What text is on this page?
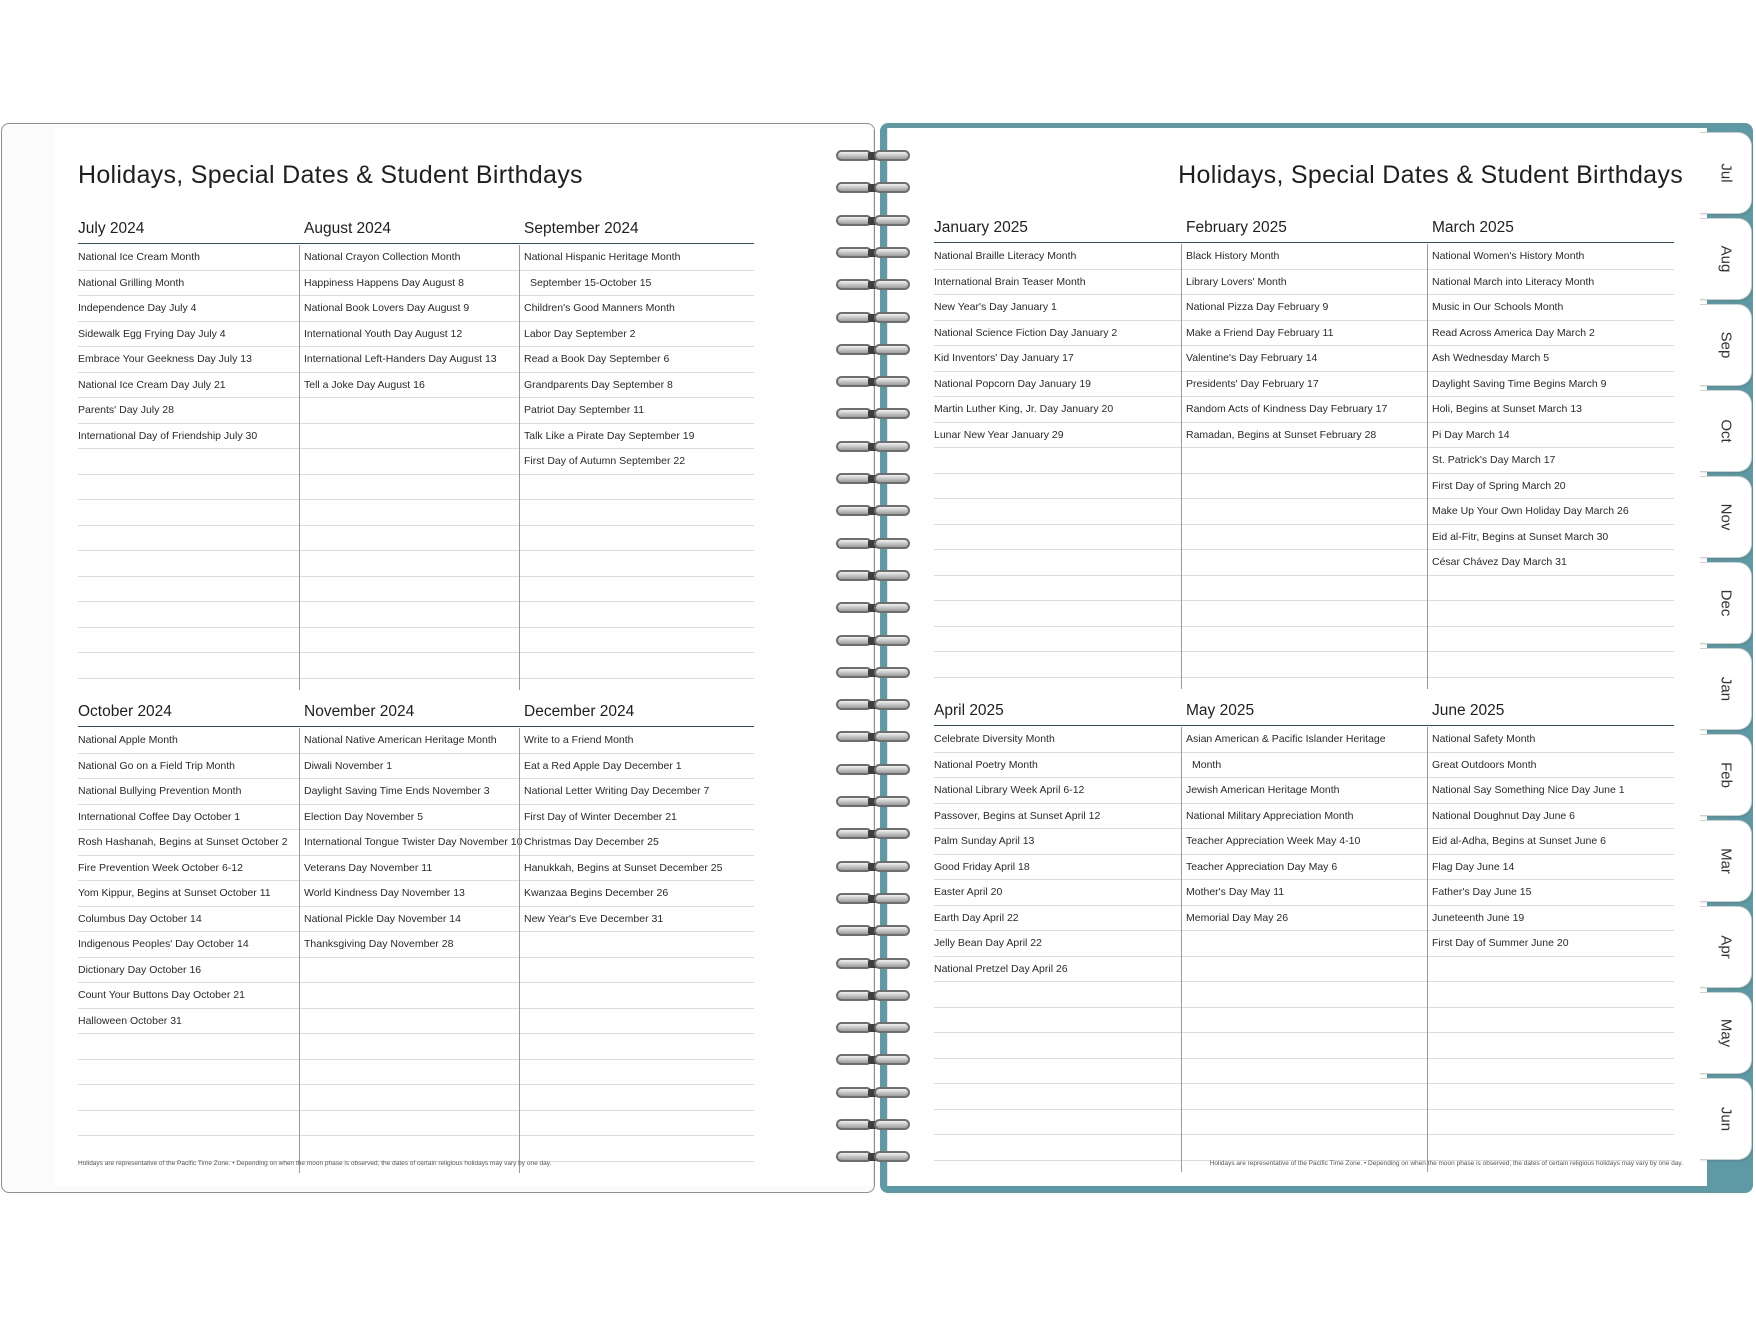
Holidays, Special Dates & Student Birthdays
July 2024
National Ice Cream Month
National Grilling Month
Independence Day July 4
Sidewalk Egg Frying Day July 4
Embrace Your Geekness Day July 13
National Ice Cream Day July 21
Parents' Day July 28
International Day of Friendship July 30
August 2024
National Crayon Collection Month
Happiness Happens Day August 8
National Book Lovers Day August 9
International Youth Day August 12
International Left-Handers Day August 13
Tell a Joke Day August 16
September 2024
National Hispanic Heritage Month
September 15-October 15
Children's Good Manners Month
Labor Day September 2
Read a Book Day September 6
Grandparents Day September 8
Patriot Day September 11
Talk Like a Pirate Day September 19
First Day of Autumn September 22
October 2024
National Apple Month
National Go on a Field Trip Month
National Bullying Prevention Month
International Coffee Day October 1
Rosh Hashanah, Begins at Sunset October 2
Fire Prevention Week October 6-12
Yom Kippur, Begins at Sunset October 11
Columbus Day October 14
Indigenous Peoples' Day October 14
Dictionary Day October 16
Count Your Buttons Day October 21
Halloween October 31
November 2024
National Native American Heritage Month
Diwali November 1
Daylight Saving Time Ends November 3
Election Day November 5
International Tongue Twister Day November 10
Veterans Day November 11
World Kindness Day November 13
National Pickle Day November 14
Thanksgiving Day November 28
December 2024
Write to a Friend Month
Eat a Red Apple Day December 1
National Letter Writing Day December 7
First Day of Winter December 21
Christmas Day December 25
Hanukkah, Begins at Sunset December 25
Kwanzaa Begins December 26
New Year's Eve December 31
Holidays are representative of the Pacific Time Zone. • Depending on when the moon phase is observed, the dates of certain religious holidays may vary by one day.
Holidays, Special Dates & Student Birthdays
January 2025
National Braille Literacy Month
International Brain Teaser Month
New Year's Day January 1
National Science Fiction Day January 2
Kid Inventors' Day January 17
National Popcorn Day January 19
Martin Luther King, Jr. Day January 20
Lunar New Year January 29
February 2025
Black History Month
Library Lovers' Month
National Pizza Day February 9
Make a Friend Day February 11
Valentine's Day February 14
Presidents' Day February 17
Random Acts of Kindness Day February 17
Ramadan, Begins at Sunset February 28
March 2025
National Women's History Month
National March into Literacy Month
Music in Our Schools Month
Read Across America Day March 2
Ash Wednesday March 5
Daylight Saving Time Begins March 9
Holi, Begins at Sunset March 13
Pi Day March 14
St. Patrick's Day March 17
First Day of Spring March 20
Make Up Your Own Holiday Day March 26
Eid al-Fitr, Begins at Sunset March 30
César Chávez Day March 31
April 2025
Celebrate Diversity Month
National Poetry Month
National Library Week April 6-12
Passover, Begins at Sunset April 12
Palm Sunday April 13
Good Friday April 18
Easter April 20
Earth Day April 22
Jelly Bean Day April 22
National Pretzel Day April 26
May 2025
Asian American & Pacific Islander Heritage
Month
Jewish American Heritage Month
National Military Appreciation Month
Teacher Appreciation Week May 4-10
Teacher Appreciation Day May 6
Mother's Day May 11
Memorial Day May 26
June 2025
National Safety Month
Great Outdoors Month
National Say Something Nice Day June 1
National Doughnut Day June 6
Eid al-Adha, Begins at Sunset June 6
Flag Day June 14
Father's Day June 15
Juneteenth June 19
First Day of Summer June 20
Holidays are representative of the Pacific Time Zone. • Depending on when the moon phase is observed, the dates of certain religious holidays may vary by one day.
Jul
Aug
Sep
Oct
Nov
Dec
Jan
Feb
Mar
Apr
May
Jun
